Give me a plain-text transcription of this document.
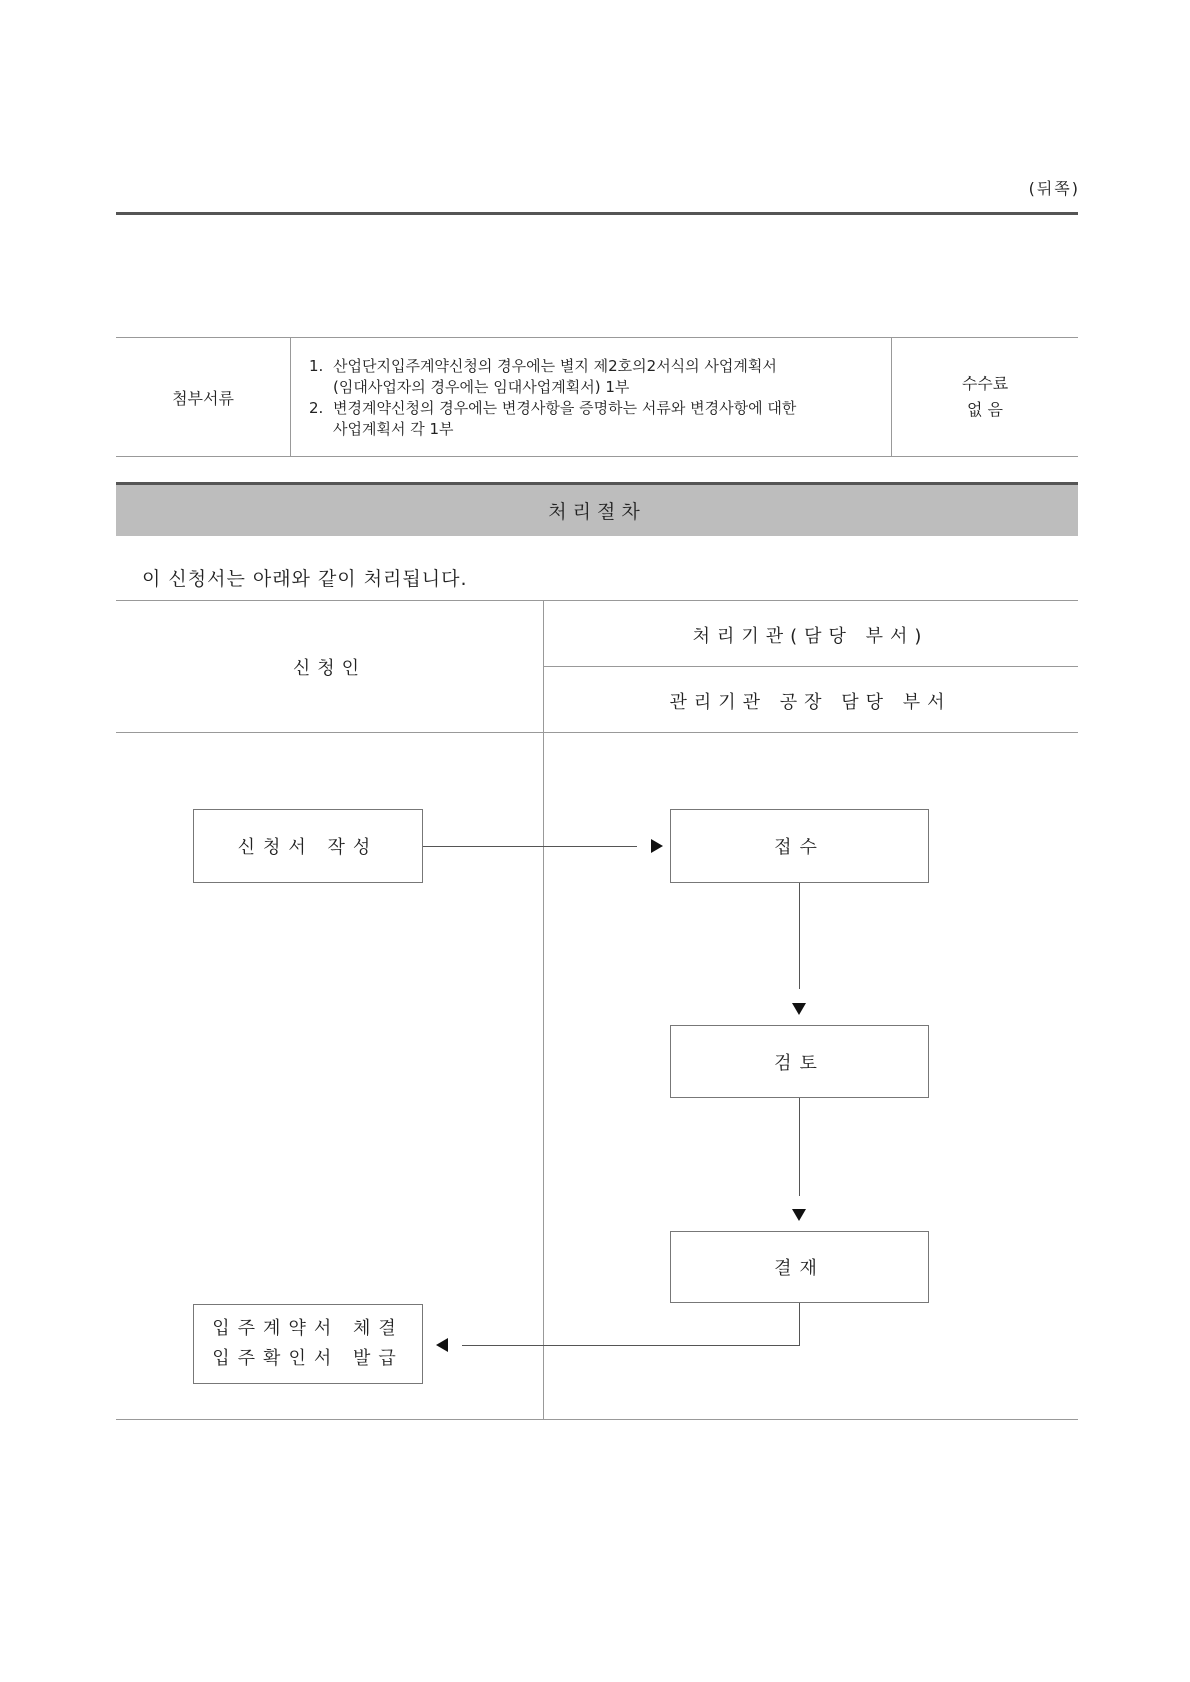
(뒤쪽)
첨부서류
1. 산업단지입주계약신청의 경우에는 별지 제2호의2서식의 사업계획서
(임대사업자의 경우에는 임대사업계획서) 1부
2. 변경계약신청의 경우에는 변경사항을 증명하는 서류와 변경사항에 대한
사업계획서 각 1부
수수료
없 음
처리절차
이 신청서는 아래와 같이 처리됩니다.
신청인
처리기관(담당 부서)
관리기관 공장 담당 부서
신청서 작성	접수
검토
결재
입주계약서 체결
입주확인서 발급
